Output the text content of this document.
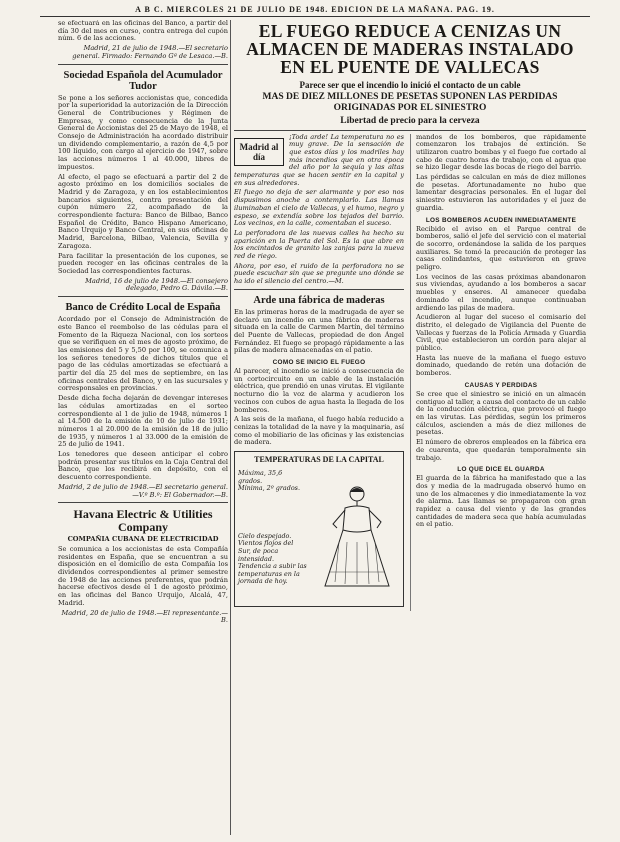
A B C. MIERCOLES 21 DE JULIO DE 1948. EDICION DE LA MAÑANA. PAG. 19.

se efectuará en las oficinas del Banco, a partir del día 30 del mes en curso, contra entrega del cupón núm. 6 de las acciones.

Madrid, 21 de julio de 1948.—El secretario general. Firmado: Fernando Gª de Lesaca.—B.

Sociedad Española del Acumulador Tudor

Se pone a los señores accionistas que, concedida por la superioridad la autorización de la Dirección General de Contribuciones y Régimen de Empresas, y como consecuencia de la Junta General de Accionistas del 25 de Mayo de 1948, el Consejo de Administración ha acordado distribuir un dividendo complementario, a razón de 4,5 por 100 líquido, con cargo al ejercicio de 1947, sobre las acciones números 1 al 40.000, libres de impuestos.

Al efecto, el pago se efectuará a partir del 2 de agosto próximo en los domicilios sociales de Madrid y de Zaragoza, y en los establecimientos bancarios siguientes, contra presentación del cupón número 22, acompañado de la correspondiente factura: Banco de Bilbao, Banco Español de Crédito, Banco Hispano Americano, Banco Urquijo y Banco Central, en sus oficinas de Madrid, Barcelona, Bilbao, Valencia, Sevilla y Zaragoza.

Para facilitar la presentación de los cupones, se pueden recoger en las oficinas centrales de la Sociedad las correspondientes facturas.

Madrid, 16 de julio de 1948.—El consejero delegado, Pedro G. Dávila.—B.

Banco de Crédito Local de España

Acordado por el Consejo de Administración de este Banco el reembolso de las cédulas para el Fomento de la Riqueza Nacional, con los sorteos que se verifiquen en el mes de agosto próximo, de las emisiones del 5 y 5,50 por 100, se comunica a los señores tenedores de dichos títulos que el pago de las cédulas amortizadas se efectuará a partir del día 25 del mes de septiembre, en las oficinas centrales del Banco, y en las sucursales y corresponsales en provincias.

Desde dicha fecha dejarán de devengar intereses las cédulas amortizadas en el sorteo correspondiente al 1 de julio de 1948, números 1 al 14.500 de la emisión de 10 de julio de 1931; números 1 al 20.000 de la emisión de 18 de julio de 1935, y números 1 al 33.000 de la emisión de 25 de julio de 1941.

Los tenedores que deseen anticipar el cobro podrán presentar sus títulos en la Caja Central del Banco, que los recibirá en depósito, con el descuento correspondiente.

Madrid, 2 de julio de 1948.—El secretario general.—V.º B.º: El Gobernador.—B.

Havana Electric & Utilities Company

COMPAÑIA CUBANA DE ELECTRICIDAD

Se comunica a los accionistas de esta Compañía residentes en España, que se encuentran a su disposición en el domicilio de esta Compañía los dividendos correspondientes al primer semestre de 1948 de las acciones preferentes, que podrán hacerse efectivos desde el 1 de agosto próximo, en las oficinas del Banco Urquijo, Alcalá, 47, Madrid.

Madrid, 20 de julio de 1948.—El representante.—B.

EL FUEGO REDUCE A CENIZAS UN ALMACEN DE MADERAS INSTALADO EN EL PUENTE DE VALLECAS
Parece ser que el incendio lo inició el contacto de un cable
MAS DE DIEZ MILLONES DE PESETAS SUPONEN LAS PERDIDAS ORIGINADAS POR EL SINIESTRO
Libertad de precio para la cerveza
Madrid al día

¡Toda arde! La temperatura no es muy grave. De la sensación de que estos días y los madriles hay más incendios que en otra época del año por la sequía y las altas temperaturas que se hacen sentir en la capital y en sus alrededores.

El fuego no deja de ser alarmante y por eso nos dispusimos anoche a contemplarlo. Las llamas iluminaban el cielo de Vallecas, y el humo, negro y espeso, se extendía sobre los tejados del barrio. Los vecinos, en la calle, comentaban el suceso.

La perforadora de las nuevas calles ha hecho su aparición en la Puerta del Sol. Es la que abre en los encintados de granito las zanjas para la nueva red de riego.

Ahora, por eso, el ruido de la perforadora no se puede escuchar sin que se pregunte uno dónde se ha ido el silencio del centro.—M.

Arde una fábrica de maderas

En las primeras horas de la madrugada de ayer se declaró un incendio en una fábrica de maderas situada en la calle de Carmen Martín, del término del Puente de Vallecas, propiedad de don Ángel Fernández. El fuego se propagó rápidamente a las pilas de madera almacenadas en el patio.

COMO SE INICIO EL FUEGO

Al parecer, el incendio se inició a consecuencia de un cortocircuito en un cable de la instalación eléctrica, que prendió en unas virutas. El vigilante nocturno dio la voz de alarma y acudieron los vecinos con cubos de agua hasta la llegada de los bomberos.

A las seis de la mañana, el fuego había reducido a cenizas la totalidad de la nave y la maquinaria, así como el mobiliario de las oficinas y las existencias de madera.

TEMPERATURAS DE LA CAPITAL
Máxima, 35,6 grados.
Mínima, 2º grados.
Cielo despejado. Vientos flojos del Sur, de poca intensidad. Tendencia a subir las temperaturas en la jornada de hoy.

mandos de los bomberos, que rápidamente comenzaron los trabajos de extinción. Se utilizaron cuatro bombas y el fuego fue cortado al cabo de cuatro horas de trabajo, con el agua que se hizo llegar desde las bocas de riego del barrio.

Las pérdidas se calculan en más de diez millones de pesetas. Afortunadamente no hubo que lamentar desgracias personales. En el lugar del siniestro estuvieron las autoridades y el juez de guardia.

LOS BOMBEROS ACUDEN INMEDIATAMENTE

Recibido el aviso en el Parque central de bomberos, salió el jefe del servicio con el material de socorro, ordenándose la salida de los parques auxiliares. Se tomó la precaución de proteger las casas colindantes, que estuvieron en grave peligro.

Los vecinos de las casas próximas abandonaron sus viviendas, ayudando a los bomberos a sacar muebles y enseres. Al amanecer quedaba dominado el incendio, aunque continuaban ardiendo las pilas de madera.

Acudieron al lugar del suceso el comisario del distrito, el delegado de Vigilancia del Puente de Vallecas y fuerzas de la Policía Armada y Guardia Civil, que establecieron un cordón para alejar al público.

Hasta las nueve de la mañana el fuego estuvo dominado, quedando de retén una dotación de bomberos.

CAUSAS Y PERDIDAS

Se cree que el siniestro se inició en un almacén contiguo al taller, a causa del contacto de un cable de la conducción eléctrica, que provocó el fuego en las virutas. Las pérdidas, según los primeros cálculos, ascienden a más de diez millones de pesetas.

El número de obreros empleados en la fábrica era de cuarenta, que quedarán temporalmente sin trabajo.

LO QUE DICE EL GUARDA

El guarda de la fábrica ha manifestado que a las dos y media de la madrugada observó humo en uno de los almacenes y dio inmediatamente la voz de alarma. Las llamas se propagaron con gran rapidez a causa del viento y de las grandes cantidades de madera seca que había acumuladas en el patio.
